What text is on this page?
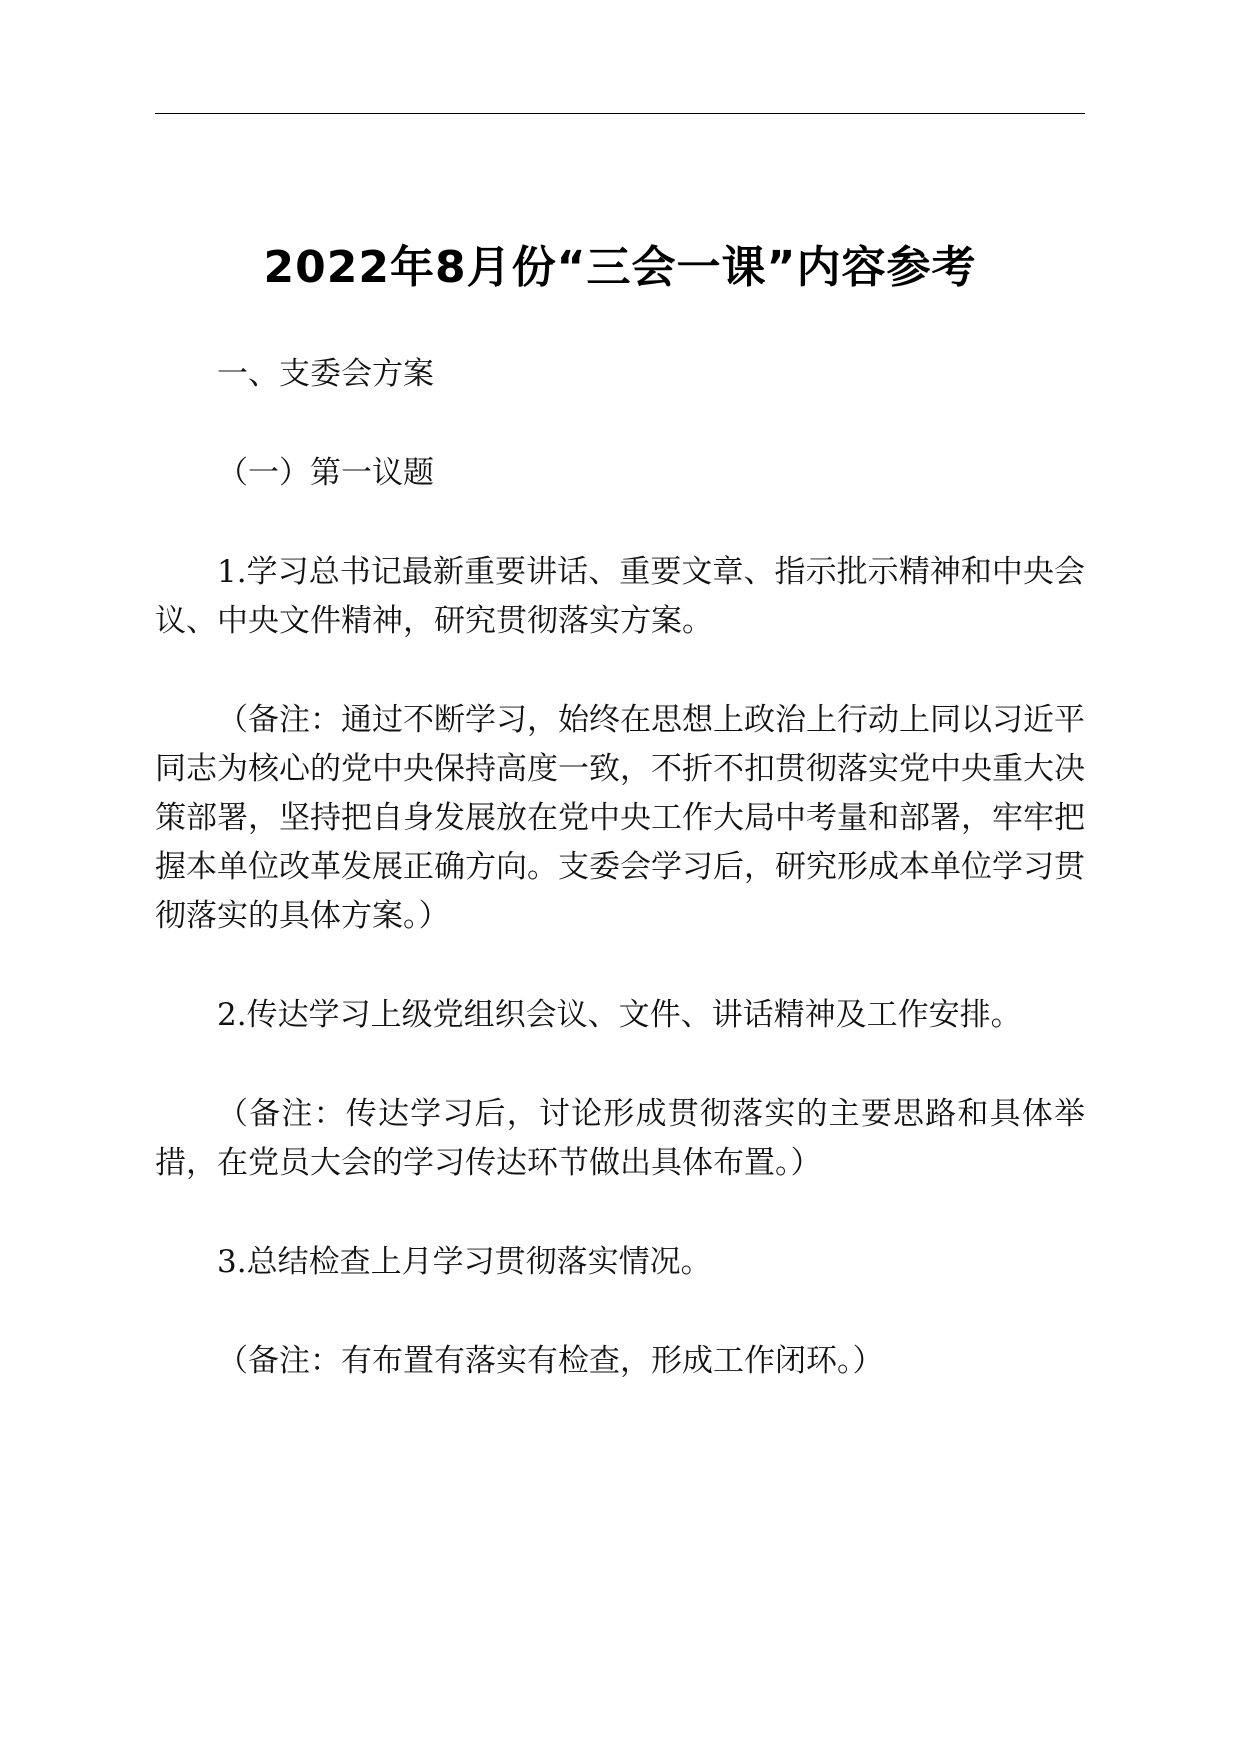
2022年8月份“三会一课”内容参考

一、支委会方案

（一）第一议题

1.学习总书记最新重要讲话、重要文章、指示批示精神和中央会议、中央文件精神，研究贯彻落实方案。

（备注：通过不断学习，始终在思想上政治上行动上同以习近平同志为核心的党中央保持高度一致，不折不扣贯彻落实党中央重大决策部署，坚持把自身发展放在党中央工作大局中考量和部署，牢牢把握本单位改革发展正确方向。支委会学习后，研究形成本单位学习贯彻落实的具体方案。）

2.传达学习上级党组织会议、文件、讲话精神及工作安排。

（备注：传达学习后，讨论形成贯彻落实的主要思路和具体举措，在党员大会的学习传达环节做出具体布置。）

3.总结检查上月学习贯彻落实情况。

（备注：有布置有落实有检查，形成工作闭环。）
